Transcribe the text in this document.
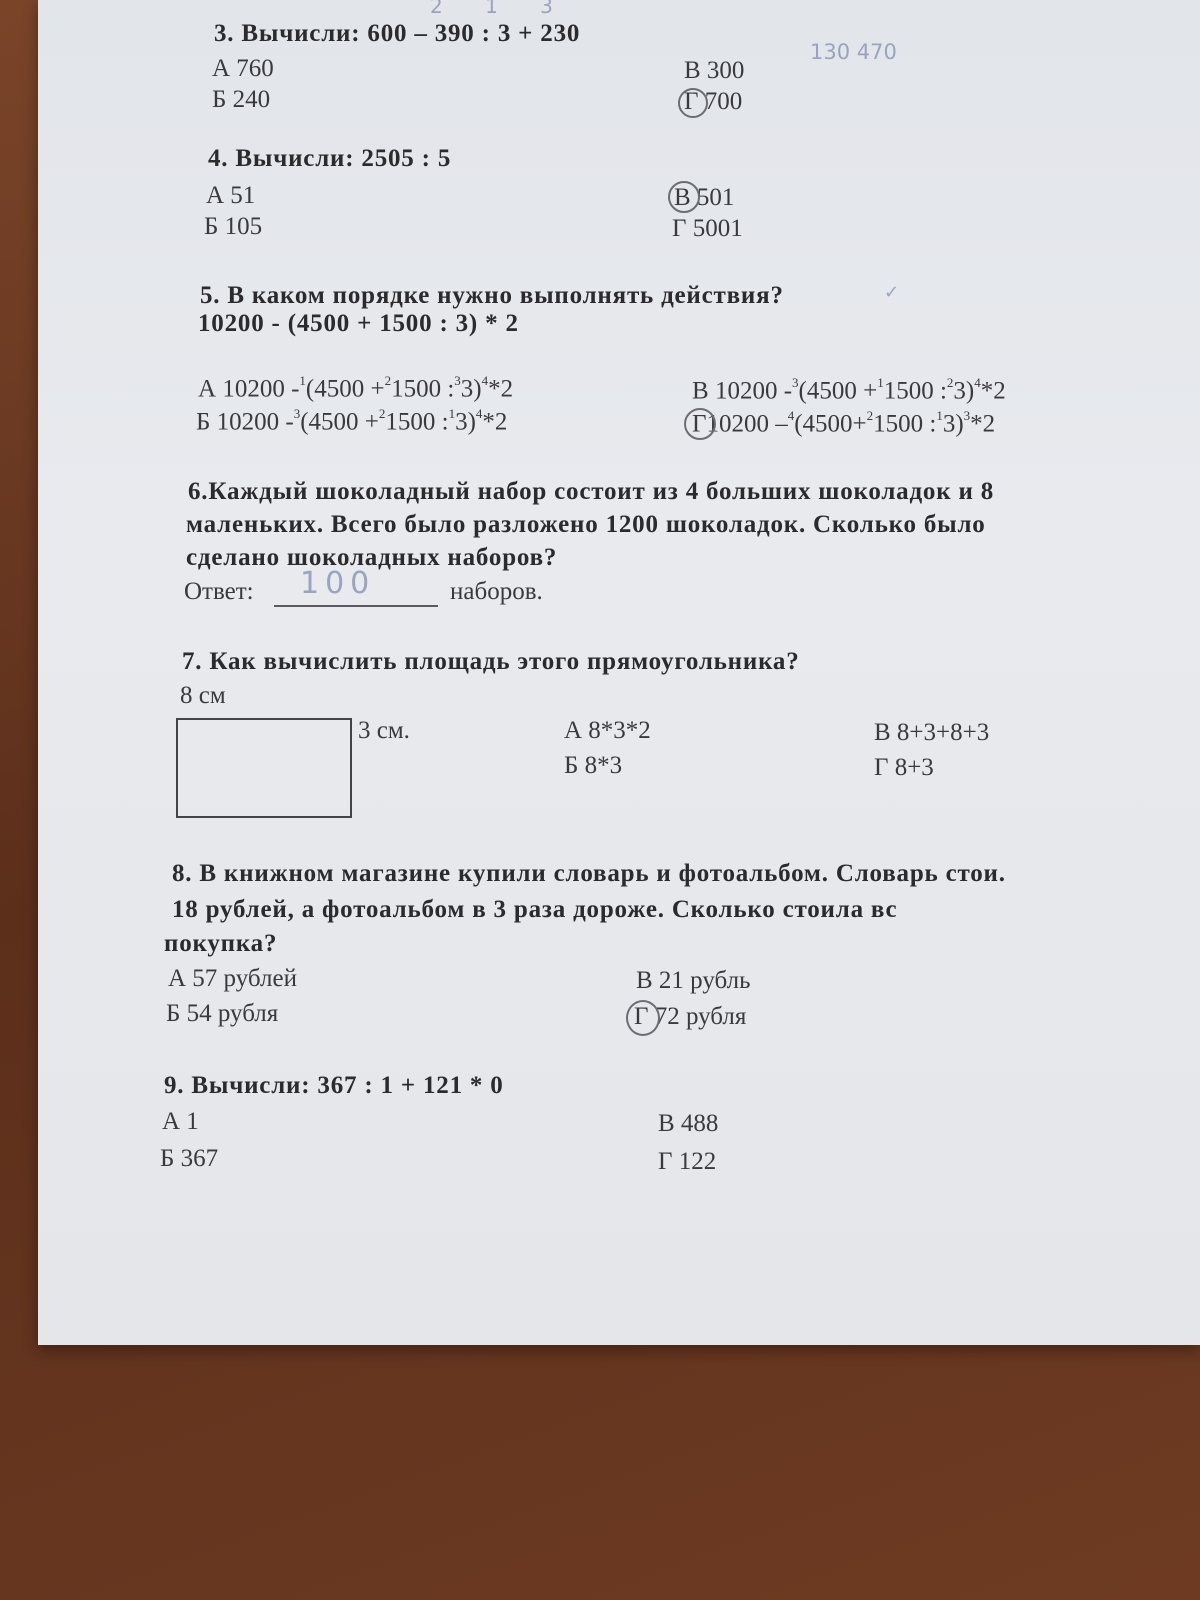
2 1 3
130 470
3. Вычисли: 600 – 390 : 3 + 230
А 760
Б 240
В 300
Г 700
4. Вычисли: 2505 : 5
А 51
Б 105
В 501
Г 5001
5. В каком порядке нужно выполнять действия?	✓
10200 - (4500 + 1500 : 3) * 2
А 10200 -$^1$(4500 +$^2$1500 :$^3$3)$^4$*2
Б 10200 -$^3$(4500 +$^2$1500 :$^1$3)$^4$*2
В 10200 -$^3$(4500 +$^1$1500 :$^2$3)$^4$*2
Г10200 –$^4$(4500+$^2$1500 :$^1$3)$^3$*2
6.Каждый шоколадный набор состоит из 4 больших шоколадок и 8
маленьких. Всего было разложено 1200 шоколадок. Сколько было
сделано шоколадных наборов?
Ответ: 100	наборов.
7. Как вычислить площадь этого прямоугольника?
8 см
3 см.	А 8*3*2
Б 8*3
В 8+3+8+3
Г 8+3
8. В книжном магазине купили словарь и фотоальбом. Словарь стои.
18 рублей, а фотоальбом в 3 раза дороже. Сколько стоила вс
покупка?
А 57 рублей
Б 54 рубля
В 21 рубль
Г 72 рубля
9. Вычисли: 367 : 1 + 121 * 0
А 1
Б 367
В 488
Г 122
